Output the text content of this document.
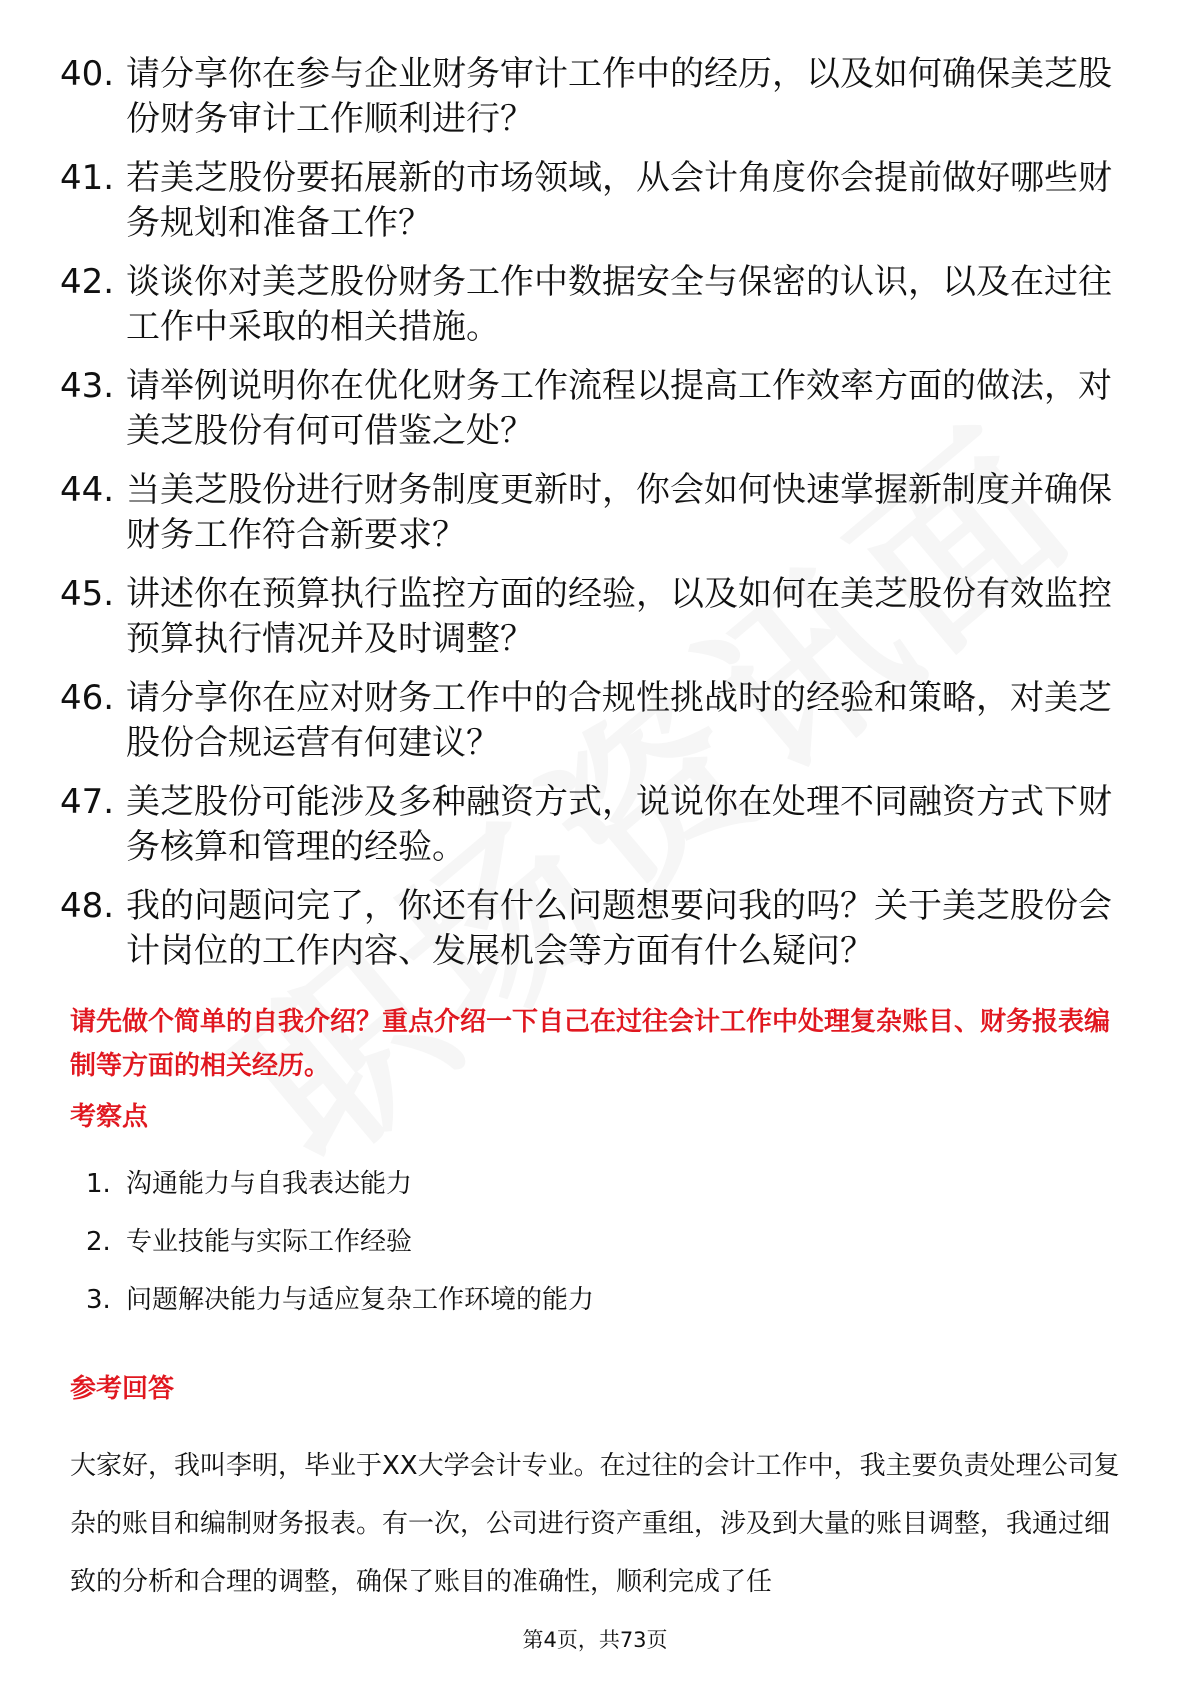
40. 请分享你在参与企业财务审计工作中的经历，以及如何确保美芝股份财务审计工作顺利进行？
41. 若美芝股份要拓展新的市场领域，从会计角度你会提前做好哪些财务规划和准备工作？
42. 谈谈你对美芝股份财务工作中数据安全与保密的认识，以及在过往工作中采取的相关措施。
43. 请举例说明你在优化财务工作流程以提高工作效率方面的做法，对美芝股份有何可借鉴之处？
44. 当美芝股份进行财务制度更新时，你会如何快速掌握新制度并确保财务工作符合新要求？
45. 讲述你在预算执行监控方面的经验，以及如何在美芝股份有效监控预算执行情况并及时调整？
46. 请分享你在应对财务工作中的合规性挑战时的经验和策略，对美芝股份合规运营有何建议？
47. 美芝股份可能涉及多种融资方式，说说你在处理不同融资方式下财务核算和管理的经验。
48. 我的问题问完了，你还有什么问题想要问我的吗？关于美芝股份会计岗位的工作内容、发展机会等方面有什么疑问？
请先做个简单的自我介绍？重点介绍一下自己在过往会计工作中处理复杂账目、财务报表编制等方面的相关经历。
考察点
1. 沟通能力与自我表达能力
2. 专业技能与实际工作经验
3. 问题解决能力与适应复杂工作环境的能力
参考回答
大家好，我叫李明，毕业于XX大学会计专业。在过往的会计工作中，我主要负责处理公司复杂的账目和编制财务报表。有一次，公司进行资产重组，涉及到大量的账目调整，我通过细致的分析和合理的调整，确保了账目的准确性，顺利完成了任
第4页，共73页
